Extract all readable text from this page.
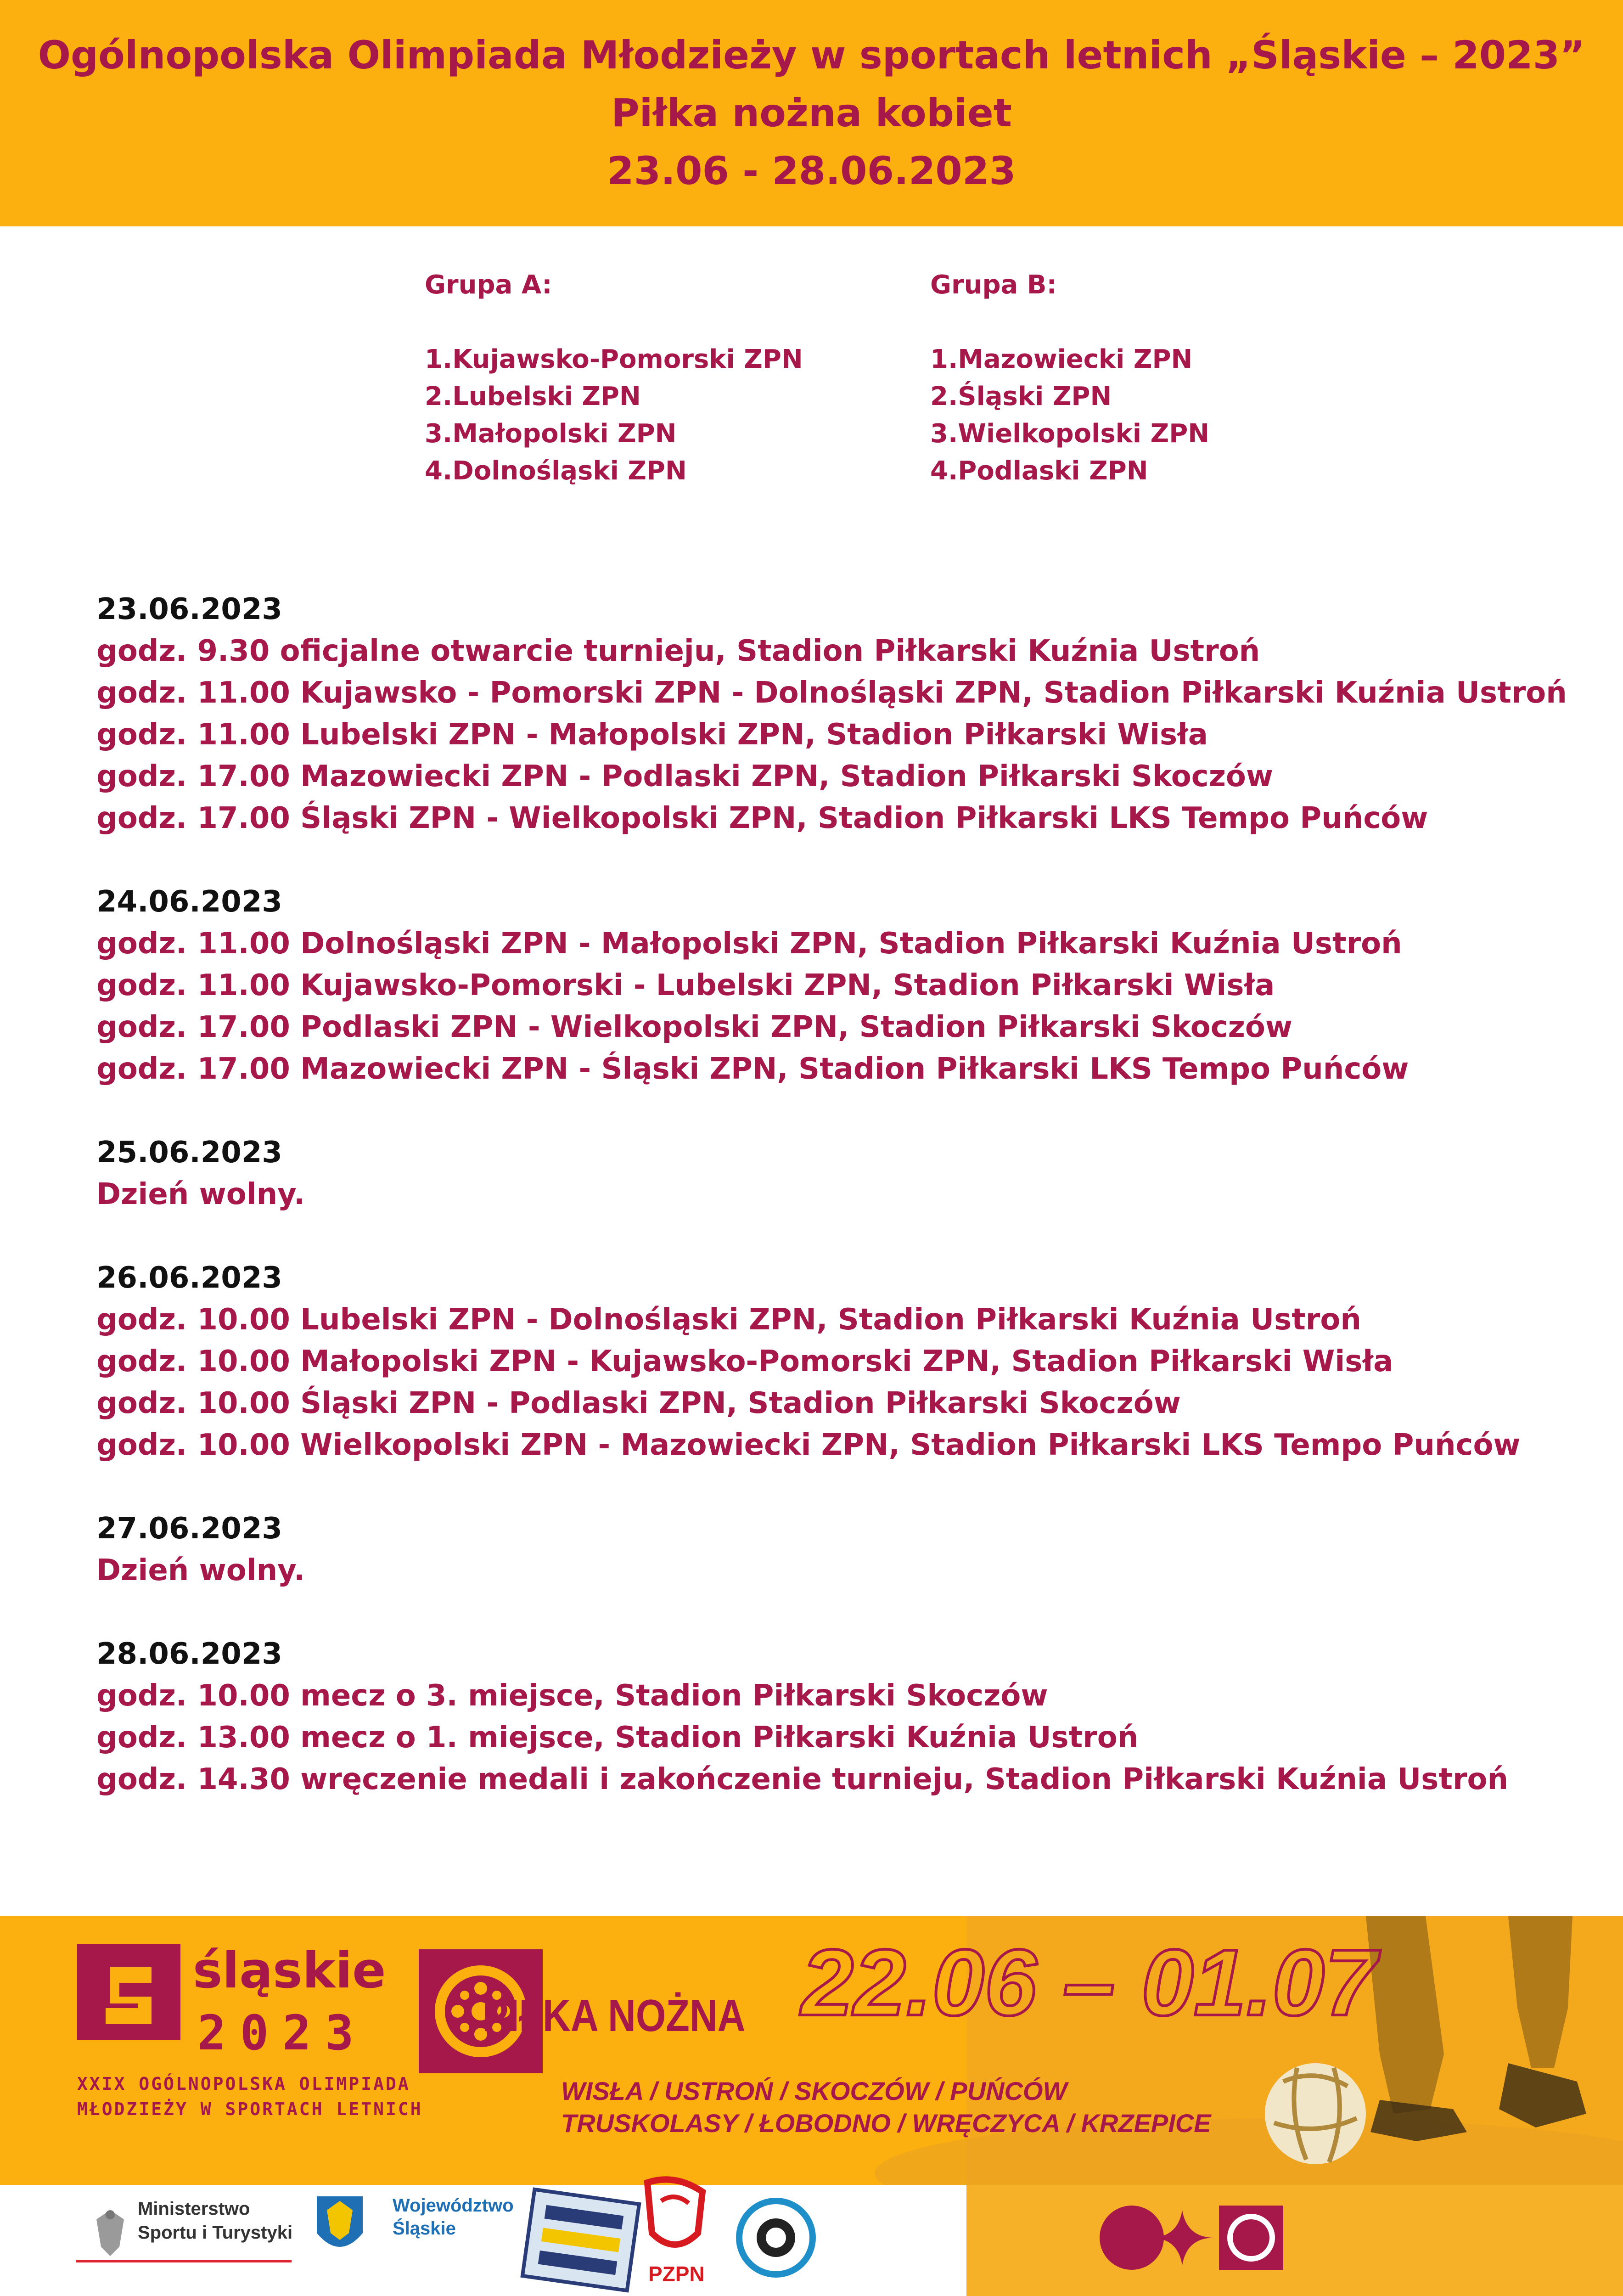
Ogólnopolska Olimpiada Młodzieży w sportach letnich „Śląskie – 2023”
Piłka nożna kobiet
23.06 - 28.06.2023
Grupa A:
1.Kujawsko-Pomorski ZPN
2.Lubelski ZPN
3.Małopolski ZPN
4.Dolnośląski ZPN
Grupa B:
1.Mazowiecki ZPN
2.Śląski ZPN
3.Wielkopolski ZPN
4.Podlaski ZPN
23.06.2023
godz. 9.30 oficjalne otwarcie turnieju, Stadion Piłkarski Kuźnia Ustroń
godz. 11.00 Kujawsko - Pomorski ZPN - Dolnośląski ZPN, Stadion Piłkarski Kuźnia Ustroń
godz. 11.00 Lubelski ZPN - Małopolski ZPN, Stadion Piłkarski Wisła
godz. 17.00 Mazowiecki ZPN - Podlaski ZPN, Stadion Piłkarski Skoczów
godz. 17.00 Śląski ZPN - Wielkopolski ZPN, Stadion Piłkarski LKS Tempo Puńców
24.06.2023
godz. 11.00 Dolnośląski ZPN - Małopolski ZPN, Stadion Piłkarski Kuźnia Ustroń
godz. 11.00 Kujawsko-Pomorski - Lubelski ZPN, Stadion Piłkarski Wisła
godz. 17.00 Podlaski ZPN - Wielkopolski ZPN, Stadion Piłkarski Skoczów
godz. 17.00 Mazowiecki ZPN - Śląski ZPN, Stadion Piłkarski LKS Tempo Puńców
25.06.2023
Dzień wolny.
26.06.2023
godz. 10.00 Lubelski ZPN - Dolnośląski ZPN, Stadion Piłkarski Kuźnia Ustroń
godz. 10.00 Małopolski ZPN - Kujawsko-Pomorski ZPN, Stadion Piłkarski Wisła
godz. 10.00 Śląski ZPN - Podlaski ZPN, Stadion Piłkarski Skoczów
godz. 10.00 Wielkopolski ZPN - Mazowiecki ZPN, Stadion Piłkarski LKS Tempo Puńców
27.06.2023
Dzień wolny.
28.06.2023
godz. 10.00 mecz o 3. miejsce, Stadion Piłkarski Skoczów
godz. 13.00 mecz o 1. miejsce, Stadion Piłkarski Kuźnia Ustroń
godz. 14.30 wręczenie medali i zakończenie turnieju, Stadion Piłkarski Kuźnia Ustroń
śląskie
2023
XXIX OGÓLNOPOLSKA OLIMPIADA
MŁODZIEŻY W SPORTACH LETNICH
PIŁKA NOŻNA 22.06 – 01.07
WISŁA / USTROŃ / SKOCZÓW / PUŃCÓW
TRUSKOLASY / ŁOBODNO / WRĘCZYCA / KRZEPICE
Ministerstwo
Sportu i Turystyki
Województwo
Śląskie
PZPN
